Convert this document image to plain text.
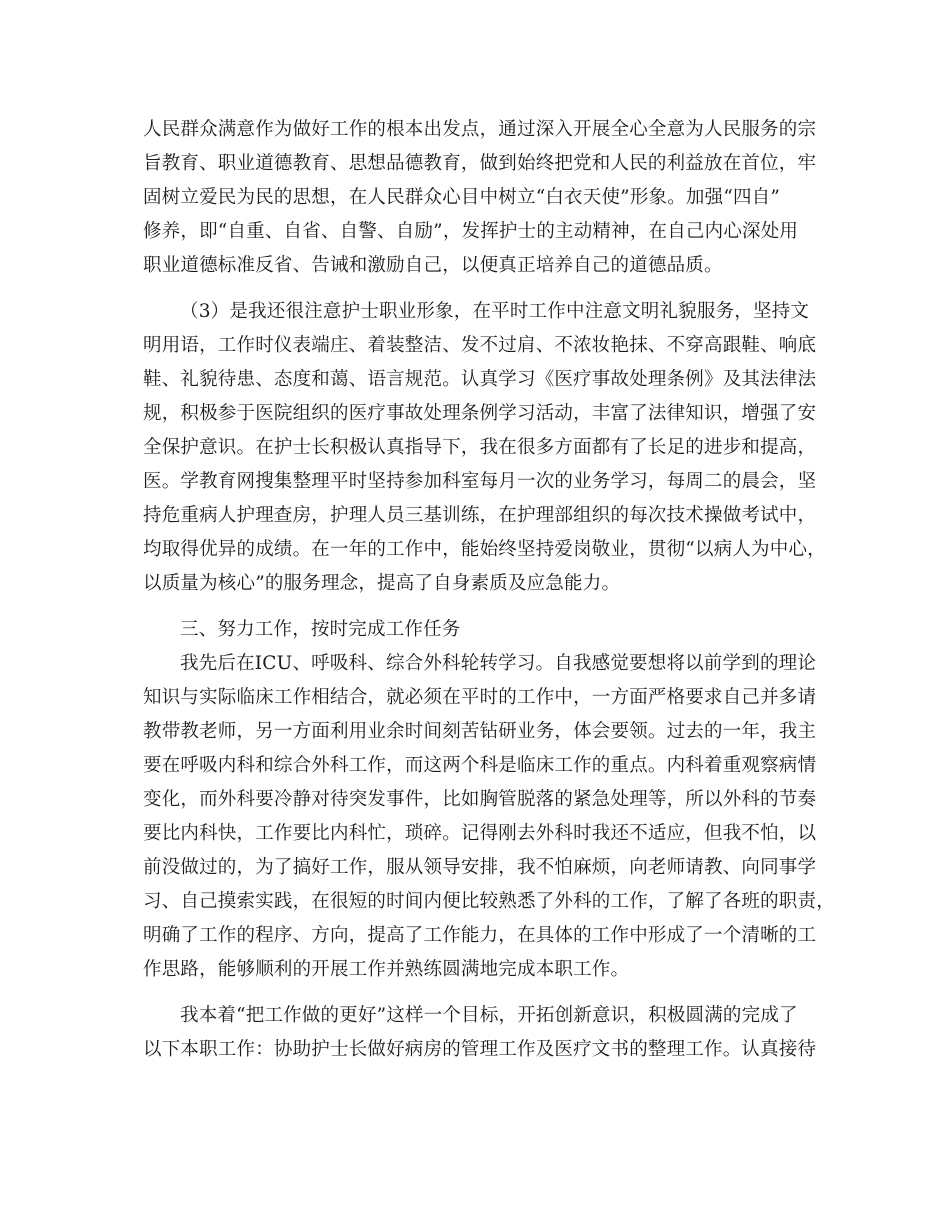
人民群众满意作为做好工作的根本出发点，通过深入开展全心全意为人民服务的宗
旨教育、职业道德教育、思想品德教育，做到始终把党和人民的利益放在首位，牢
固树立爱民为民的思想，在人民群众心目中树立“白衣天使”形象。加强“四自”
修养，即“自重、自省、自警、自励”，发挥护士的主动精神，在自己内心深处用
职业道德标准反省、告诫和激励自己，以便真正培养自己的道德品质。
（3）是我还很注意护士职业形象，在平时工作中注意文明礼貌服务，坚持文
明用语，工作时仪表端庄、着装整洁、发不过肩、不浓妆艳抹、不穿高跟鞋、响底
鞋、礼貌待患、态度和蔼、语言规范。认真学习《医疗事故处理条例》及其法律法
规，积极参于医院组织的医疗事故处理条例学习活动，丰富了法律知识，增强了安
全保护意识。在护士长积极认真指导下，我在很多方面都有了长足的进步和提高，
医。学教育网搜集整理平时坚持参加科室每月一次的业务学习，每周二的晨会，坚
持危重病人护理查房，护理人员三基训练，在护理部组织的每次技术操做考试中，
均取得优异的成绩。在一年的工作中，能始终坚持爱岗敬业，贯彻“以病人为中心，
以质量为核心”的服务理念，提高了自身素质及应急能力。
三、努力工作，按时完成工作任务
我先后在ICU、呼吸科、综合外科轮转学习。自我感觉要想将以前学到的理论
知识与实际临床工作相结合，就必须在平时的工作中，一方面严格要求自己并多请
教带教老师，另一方面利用业余时间刻苦钻研业务，体会要领。过去的一年，我主
要在呼吸内科和综合外科工作，而这两个科是临床工作的重点。内科着重观察病情
变化，而外科要冷静对待突发事件，比如胸管脱落的紧急处理等，所以外科的节奏
要比内科快，工作要比内科忙，琐碎。记得刚去外科时我还不适应，但我不怕，以
前没做过的，为了搞好工作，服从领导安排，我不怕麻烦，向老师请教、向同事学
习、自己摸索实践，在很短的时间内便比较熟悉了外科的工作，了解了各班的职责，
明确了工作的程序、方向，提高了工作能力，在具体的工作中形成了一个清晰的工
作思路，能够顺利的开展工作并熟练圆满地完成本职工作。
我本着“把工作做的更好”这样一个目标，开拓创新意识，积极圆满的完成了
以下本职工作：协助护士长做好病房的管理工作及医疗文书的整理工作。认真接待
